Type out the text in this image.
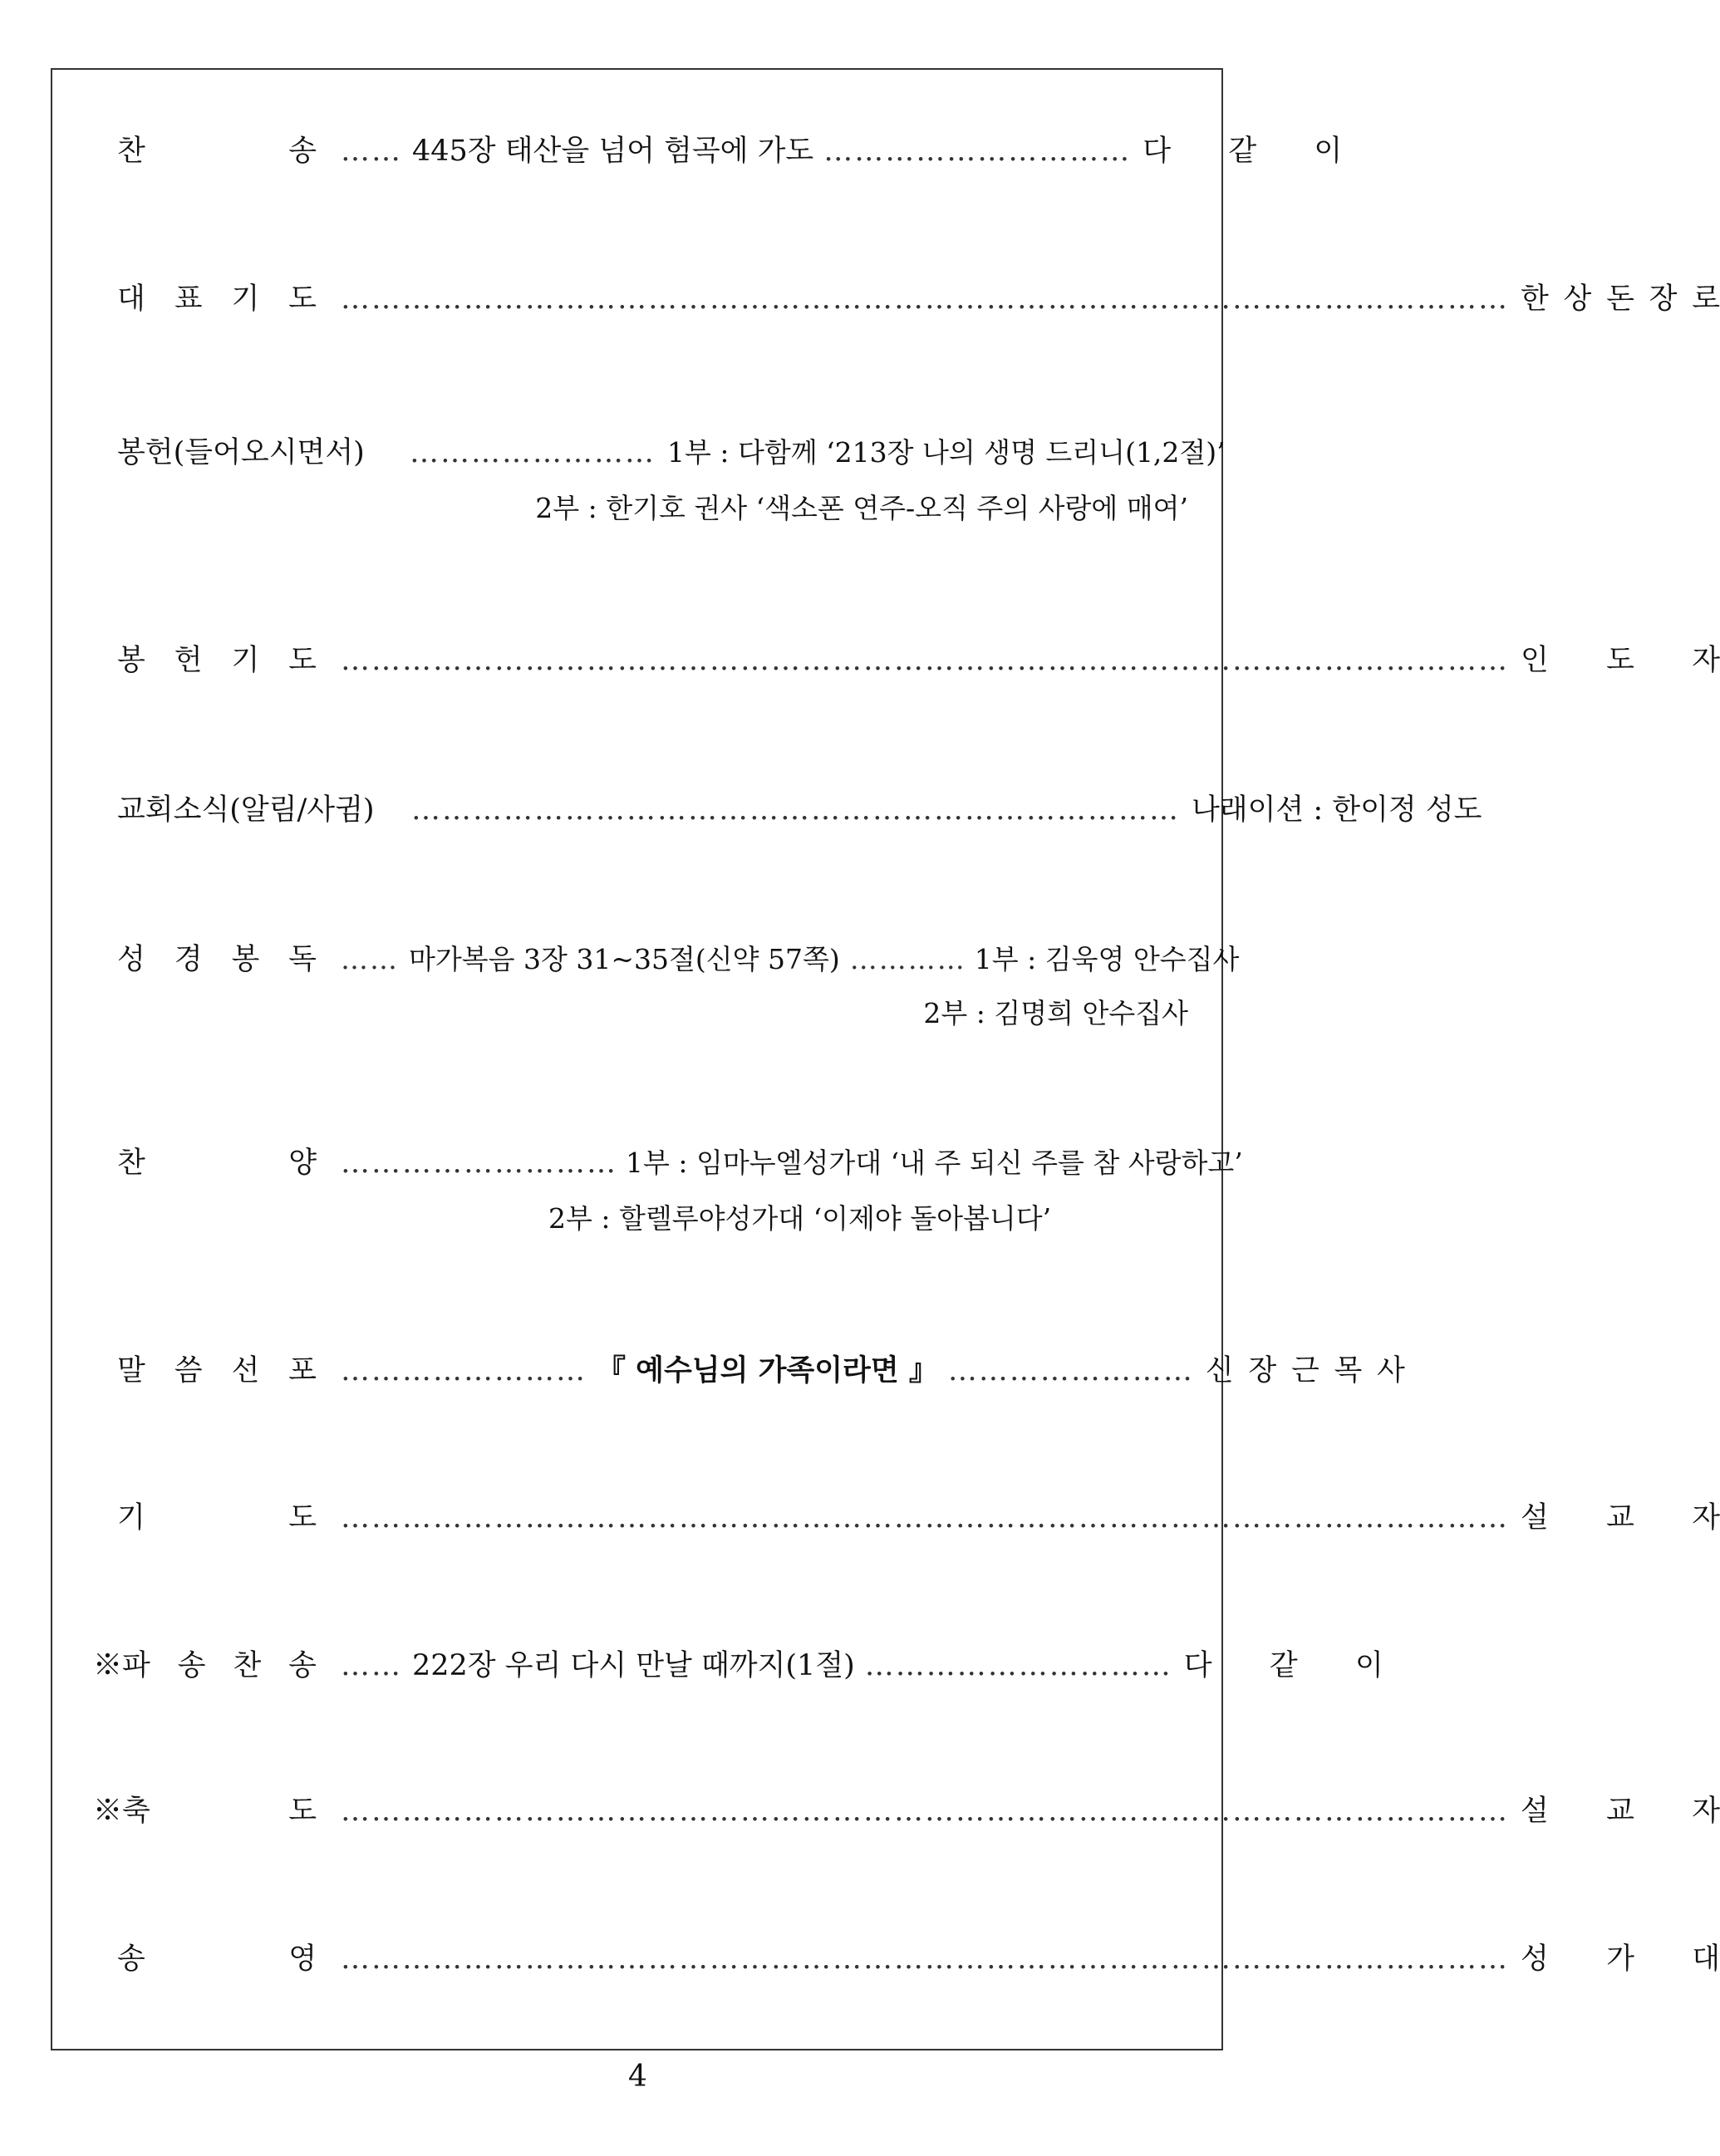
찬	송 …… 445장 태산을 넘어 험곡에 가도 ………………………… 다 같 이
대 표 기 도 …………………………………………………………………………………………………… 한 상 돈 장 로
봉헌(들어오시면서) …………………… 1부 : 다함께 ‘213장 나의 생명 드리니(1,2절)’
2부 : 한기호 권사 ‘색소폰 연주-오직 주의 사랑에 매여’
봉 헌 기 도 …………………………………………………………………………………………………… 인 도 자
교회소식(알림/사귐) ………………………………………………………………… 나래이션 : 한이정 성도
성 경 봉 독 …… 마가복음 3장 31~35절(신약 57쪽) ………… 1부 : 김욱영 안수집사
2부 : 김명희 안수집사
찬	양 ……………………… 1부 : 임마누엘성가대 ‘내 주 되신 주를 참 사랑하고’
2부 : 할렐루야성가대 ‘이제야 돌아봅니다’
말 씀 선 포 …………………… 『 예수님의 가족이라면 』 …………………… 신 장 근 목 사
기	도 …………………………………………………………………………………………………… 설 교 자
※파 송 찬 송 …… 222장 우리 다시 만날 때까지(1절) ………………………… 다 같 이
※축	도 …………………………………………………………………………………………………… 설 교 자
송	영 …………………………………………………………………………………………………… 성 가 대
4
